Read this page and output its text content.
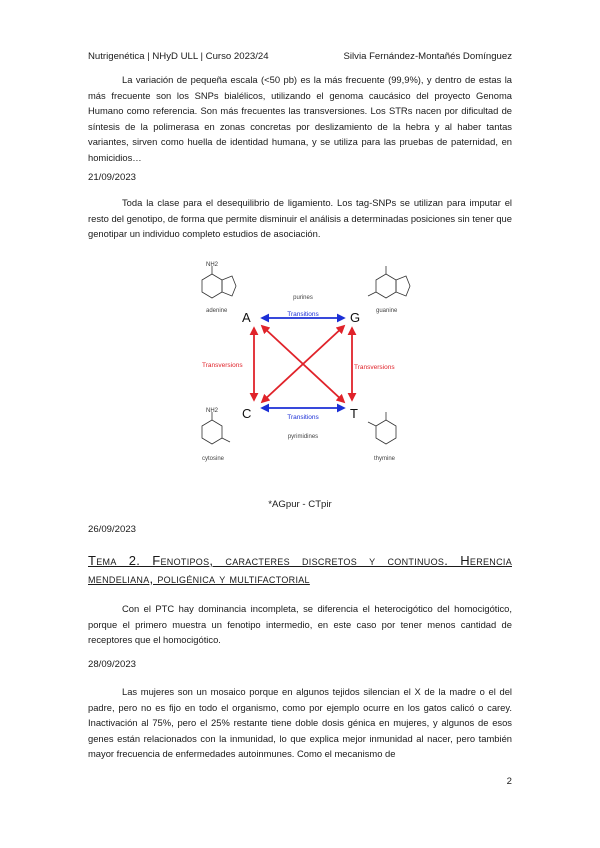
Nutrigenética | NHyD ULL | Curso 2023/24	Silvia Fernández-Montañés Domínguez

La variación de pequeña escala (<50 pb) es la más frecuente (99,9%), y dentro de estas la más frecuente son los SNPs bialélicos, utilizando el genoma caucásico del proyecto Genoma Humano como referencia. Son más frecuentes las transversiones. Los STRs nacen por dificultad de síntesis de la polimerasa en zonas concretas por deslizamiento de la hebra y al haber tantas variantes, sirven como huella de identidad humana, y se utiliza para las pruebas de paternidad, en homicidios…

21/09/2023

Toda la clase para el desequilibrio de ligamiento. Los tag-SNPs se utilizan para imputar el resto del genotipo, de forma que permite disminuir el análisis a determinadas posiciones sin tener que genotipar un individuo completo estudios de asociación.

NH2
adenine	guanine
NH2
cytosine	thymine
A	G
C	T
purines
Transitions
Transitions
pyrimidines
Transversions	Transversions
*AGpur - CTpir

26/09/2023

Tema 2. Fenotipos, caracteres discretos y continuos. Herencia mendeliana, poligénica y multifactorial

Con el PTC hay dominancia incompleta, se diferencia el heterocigótico del homocigótico, porque el primero muestra un fenotipo intermedio, en este caso por tener menos cantidad de receptores que el homocigótico.

28/09/2023

Las mujeres son un mosaico porque en algunos tejidos silencian el X de la madre o el del padre, pero no es fijo en todo el organismo, como por ejemplo ocurre en los gatos calicó o carey. Inactivación al 75%, pero el 25% restante tiene doble dosis génica en mujeres, y algunos de esos genes están relacionados con la inmunidad, lo que explica mejor inmunidad al nacer, pero también mayor frecuencia de enfermedades autoinmunes. Como el mecanismo de

2
